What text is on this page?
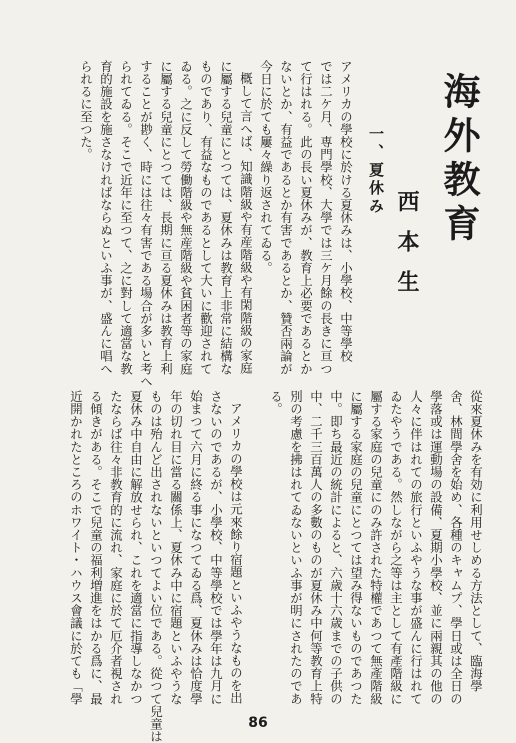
海外教育
西本生
一、夏休み
アメリカの學校に於ける夏休みは、小學校、中等學校
では二ケ月、専門學校、大學では三ケ月餘の長きに亘つ
て行はれる。此の長い夏休みが、教育上必要であるとか
ないとか、有益であるとか有害であるとか、贊否兩論が
今日に於ても屢々繰り返されてゐる。
概して言へば、知識階級や有産階級や有閑階級の家庭
に屬する兒童にとつては、夏休みは教育上非常に結構な
ものであり、有益なものであるとして大いに歡迎されて
ゐる。之に反して勞働階級や無産階級や貧困者等の家庭
に屬する兒童にとつては、長期に亘る夏休みは教育上利
することが尠く、時には往々有害である場合が多いと考へ
られてゐる。そこで近年に至つて、之に對して適當な教
育的施設を施さなければならぬといふ事が、盛んに唱へ
られるに至つた。
從來夏休みを有効に利用せしめる方法として、臨海學
舍、林間學舍を始め、各種のキャムプ、學日或は全日の
學落或は運動場の設備、夏期小學校、並に兩親其の他の
人々に伴はれての旅行といふやうな事が盛んに行はれて
ゐたやうである。然しながら之等は主として有產階級に
屬する家庭の兒童にのみ許された特權であつて無產階級
に屬する家庭の兒童にとつては望み得ないものであつた
中。即ち最近の統計によると、六歲十六歳までの子供の
中、二千三百萬人の多數のものが夏休み中何等教育上特
別の考慮を拂はれてゐないといふ事が明にされたのであ
る。
アメリカの學校は元來餘り宿題といふやうなものを出
さないのであるが、小學校、中等學校では學年は九月に
始まつて六月に終る事になつてゐる爲、夏休みは恰度學
年の切れ目に當る關係上、夏休み中に宿題といふやうな
ものは殆んど出されないといつてよい位である。從つて兒童は
夏休み中自由に解放せられ、これを適當に指導しなかつ
たならば往々非教育的に流れ、家庭に於て厄介者視され
る傾きがある。そこで兒童の福利増進をはかる爲に、最
近開かれたところのホワイト・ハウス會議に於ても「學
86
